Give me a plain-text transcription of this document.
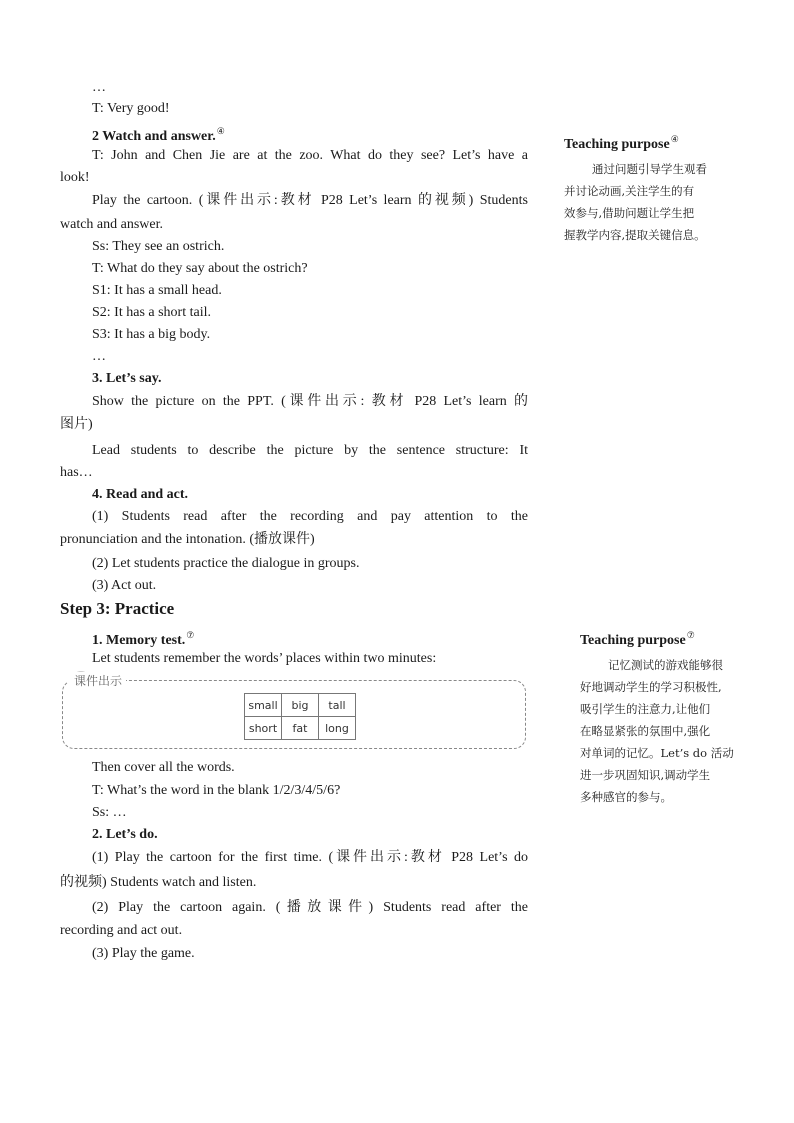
…
T: Very good!
2 Watch and answer.④
T: John and Chen Jie are at the zoo. What do they see? Let’s have a
look!
Play the cartoon. (课件出示:教材 P28 Let’s learn 的视频) Students
watch and answer.
Ss: They see an ostrich.
T: What do they say about the ostrich?
S1: It has a small head.
S2: It has a short tail.
S3: It has a big body.
…
3. Let’s say.
Show the picture on the PPT. (课件出示: 教材 P28 Let’s learn 的
图片)
Lead students to describe the picture by the sentence structure: It
has…
4. Read and act.
(1) Students read after the recording and pay attention to the
pronunciation and the intonation. (播放课件)
(2) Let students practice the dialogue in groups.
(3) Act out.
Step 3: Practice
1. Memory test.⑦
Let students remember the words’ places within two minutes:
课件出示
small	big	tall
short	fat	long
Then cover all the words.
T: What’s the word in the blank 1/2/3/4/5/6?
Ss: …
2. Let’s do.
(1) Play the cartoon for the first time. (课件出示:教材 P28 Let’s do
的视频) Students watch and listen.
(2) Play the cartoon again. (播放课件) Students read after the
recording and act out.
(3) Play the game.
Teaching purpose④
通过问题引导学生观看
并讨论动画,关注学生的有
效参与,借助问题让学生把
握教学内容,提取关键信息。
Teaching purpose⑦
记忆测试的游戏能够很
好地调动学生的学习积极性,
吸引学生的注意力,让他们
在略显紧张的氛围中,强化
对单词的记忆。Let’s do 活动
进一步巩固知识,调动学生
多种感官的参与。
